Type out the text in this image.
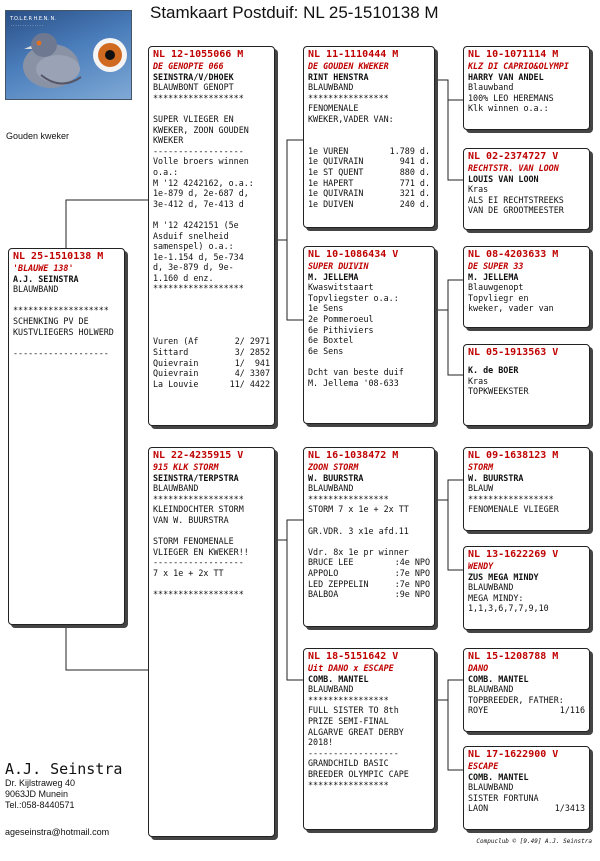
Stamkaart Postduif: NL 25-1510138 M
T.O.L.E.R H.E.N. N.
..............
Gouden kweker
NL 25-1510138 M
'BLAUWE 138'
A.J. SEINSTRA
BLAUWBAND

*******************
SCHENKING PV DE
KUSTVLIEGERS HOLWERD

-------------------
NL 12-1055066 M
DE GENOPTE 066
SEINSTRA/V/DHOEK
BLAUWBONT GENOPT
******************

SUPER VLIEGER EN
KWEKER, ZOON GOUDEN
KWEKER
------------------
Volle broers winnen
o.a.:
M '12 4242162, o.a.:
1e-879 d, 2e-687 d,
3e-412 d, 7e-413 d

M '12 4242151 (5e
Asduif snelheid
samenspel) o.a.:
1e-1.154 d, 5e-734
d, 3e-879 d, 9e-
1.160 d enz.
******************

Vuren (Af	2/ 2971
Sittard	3/ 2852
Quievrain	1/  941
Quievrain	4/ 3307
La Louvie	11/ 4422
NL 22-4235915 V
915 KLK STORM
SEINSTRA/TERPSTRA
BLAUWBAND
******************
KLEINDOCHTER STORM
VAN W. BUURSTRA

STORM FENOMENALE
VLIEGER EN KWEKER!!
------------------
7 x 1e + 2x TT

******************
NL 11-1110444 M
DE GOUDEN KWEKER
RINT HENSTRA
BLAUWBAND
****************
FENOMENALE
KWEKER,VADER VAN:

1e VUREN	1.789 d.
1e QUIVRAIN	941 d.
1e ST QUENT	880 d.
1e HAPERT	771 d.
1e QUIVRAIN	321 d.
1e DUIVEN	240 d.
NL 10-1086434 V
SUPER DUIVIN
M. JELLEMA
Kwaswitstaart
Topvliegster o.a.:
1e Sens
2e Pommeroeul
6e Pithiviers
6e Boxtel
6e Sens

Dcht van beste duif
M. Jellema '08-633
NL 16-1038472 M
ZOON STORM
W. BUURSTRA
BLAUWBAND
****************
STORM 7 x 1e + 2x TT

GR.VDR. 3 x1e afd.11

Vdr. 8x 1e pr winner
BRUCE LEE	:4e NPO
APPOLO	:7e NPO
LED ZEPPELIN	:7e NPO
BALBOA	:9e NPO
NL 18-5151642 V
Uit DANO x ESCAPE
COMB. MANTEL
BLAUWBAND
****************
FULL SISTER TO 8th
PRIZE SEMI-FINAL
ALGARVE GREAT DERBY
2018!
------------------
GRANDCHILD BASIC
BREEDER OLYMPIC CAPE
****************
NL 10-1071114 M
KLZ DI CAPRIO&OLYMPI
HARRY VAN ANDEL
Blauwband
100% LEO HEREMANS
Klk winnen o.a.:
NL 02-2374727 V
RECHTSTR. VAN LOON
LOUIS VAN LOON
Kras
ALS EI RECHTSTREEKS
VAN DE GROOTMEESTER
NL 08-4203633 M
DE SUPER 33
M. JELLEMA
Blauwgenopt
Topvliegr en
kweker, vader van
NL 05-1913563 V
K. de BOER
Kras
TOPKWEEKSTER
NL 09-1638123 M
STORM
W. BUURSTRA
BLAUW
*****************
FENOMENALE VLIEGER
NL 13-1622269 V
WENDY
ZUS MEGA MINDY
BLAUWBAND
MEGA MINDY:
1,1,3,6,7,7,9,10
NL 15-1208788 M
DANO
COMB. MANTEL
BLAUWBAND
TOPBREEDER, FATHER:
ROYE	1/116
NL 17-1622900 V
ESCAPE
COMB. MANTEL
BLAUWBAND
SISTER FORTUNA
LAON	1/3413
A.J. Seinstra
Dr. Kijlstraweg 40
9063JD Munein
Tel.:058-8440571
ageseinstra@hotmail.com
Compuclub © [9.49] A.J. Seinstra
